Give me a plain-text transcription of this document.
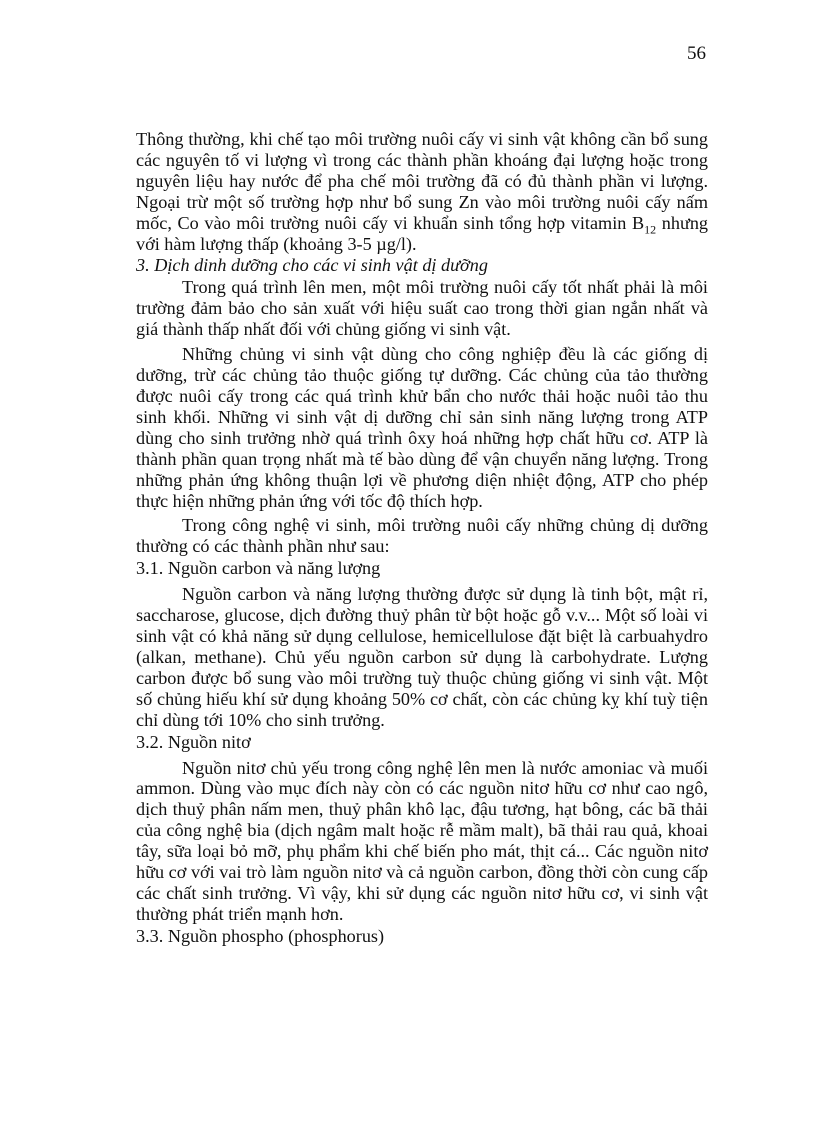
56

Thông thường, khi chế tạo môi trường nuôi cấy vi sinh vật không cần bổ sung các nguyên tố vi lượng vì trong các thành phần khoáng đại lượng hoặc trong nguyên liệu hay nước để pha chế môi trường đã có đủ thành phần vi lượng. Ngoại trừ một số trường hợp như bổ sung Zn vào môi trường nuôi cấy nấm mốc, Co vào môi trường nuôi cấy vi khuẩn sinh tổng hợp vitamin $B_{12}$ nhưng với hàm lượng thấp (khoảng 3-5 µg/l).

3. Dịch dinh dưỡng cho các vi sinh vật dị dưỡng

Trong quá trình lên men, một môi trường nuôi cấy tốt nhất phải là môi trường đảm bảo cho sản xuất với hiệu suất cao trong thời gian ngắn nhất và giá thành thấp nhất đối với chủng giống vi sinh vật.

Những chủng vi sinh vật dùng cho công nghiệp đều là các giống dị dưỡng, trừ các chủng tảo thuộc giống tự dưỡng. Các chủng của tảo thường được nuôi cấy trong các quá trình khử bẩn cho nước thải hoặc nuôi tảo thu sinh khối. Những vi sinh vật dị dưỡng chỉ sản sinh năng lượng trong ATP dùng cho sinh trưởng nhờ quá trình ôxy hoá những hợp chất hữu cơ. ATP là thành phần quan trọng nhất mà tế bào dùng để vận chuyển năng lượng. Trong những phản ứng không thuận lợi về phương diện nhiệt động, ATP cho phép thực hiện những phản ứng với tốc độ thích hợp.

Trong công nghệ vi sinh, môi trường nuôi cấy những chủng dị dưỡng thường có các thành phần như sau:

3.1. Nguồn carbon và năng lượng

Nguồn carbon và năng lượng thường được sử dụng là tinh bột, mật rỉ, saccharose, glucose, dịch đường thuỷ phân từ bột hoặc gỗ v.v... Một số loài vi sinh vật có khả năng sử dụng cellulose, hemicellulose đặt biệt là carbuahydro (alkan, methane). Chủ yếu nguồn carbon sử dụng là carbohydrate. Lượng carbon được bổ sung vào môi trường tuỳ thuộc chủng giống vi sinh vật. Một số chủng hiếu khí sử dụng khoảng 50% cơ chất, còn các chủng kỵ khí tuỳ tiện chỉ dùng tới 10% cho sinh trưởng.

3.2. Nguồn nitơ

Nguồn nitơ chủ yếu trong công nghệ lên men là nước amoniac và muối ammon. Dùng vào mục đích này còn có các nguồn nitơ hữu cơ như cao ngô, dịch thuỷ phân nấm men, thuỷ phân khô lạc, đậu tương, hạt bông, các bã thải của công nghệ bia (dịch ngâm malt hoặc rễ mầm malt), bã thải rau quả, khoai tây, sữa loại bỏ mỡ, phụ phẩm khi chế biến pho mát, thịt cá... Các nguồn nitơ hữu cơ với vai trò làm nguồn nitơ và cả nguồn carbon, đồng thời còn cung cấp các chất sinh trưởng. Vì vậy, khi sử dụng các nguồn nitơ hữu cơ, vi sinh vật thường phát triển mạnh hơn.

3.3. Nguồn phospho (phosphorus)
